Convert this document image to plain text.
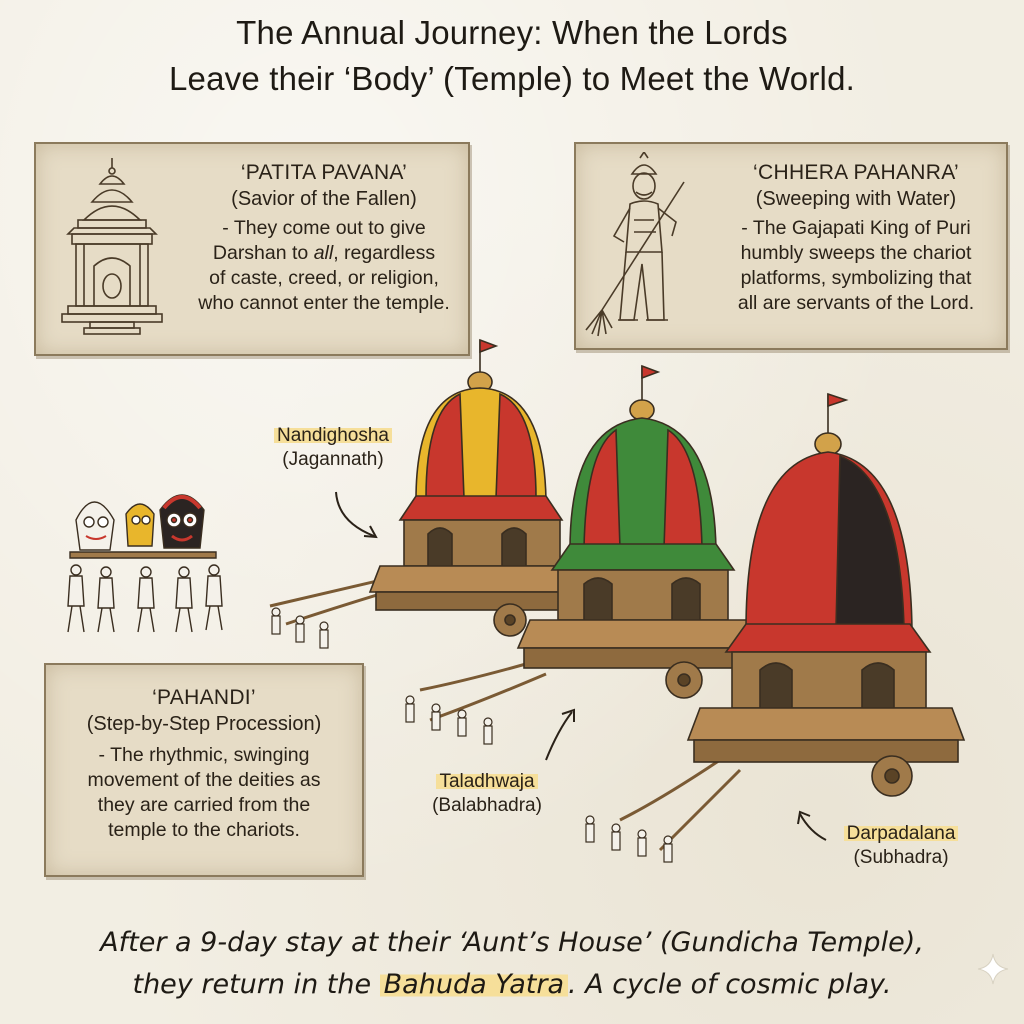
The Annual Journey: When the Lords
Leave their ‘Body’ (Temple) to Meet the World.
‘PATITA PAVANA’
(Savior of the Fallen)
- They come out to give
Darshan to all, regardless
of caste, creed, or religion,
who cannot enter the temple.
‘CHHERA PAHANRA’
(Sweeping with Water)
- The Gajapati King of Puri
humbly sweeps the chariot
platforms, symbolizing that
all are servants of the Lord.
‘PAHANDI’
(Step-by-Step Procession)
- The rhythmic, swinging
movement of the deities as
they are carried from the
temple to the chariots.
Nandighosha
(Jagannath)
Taladhwaja
(Balabhadra)
Darpadalana
(Subhadra)
After a 9-day stay at their ‘Aunt’s House’ (Gundicha Temple),
they return in the Bahuda Yatra . A cycle of cosmic play.
